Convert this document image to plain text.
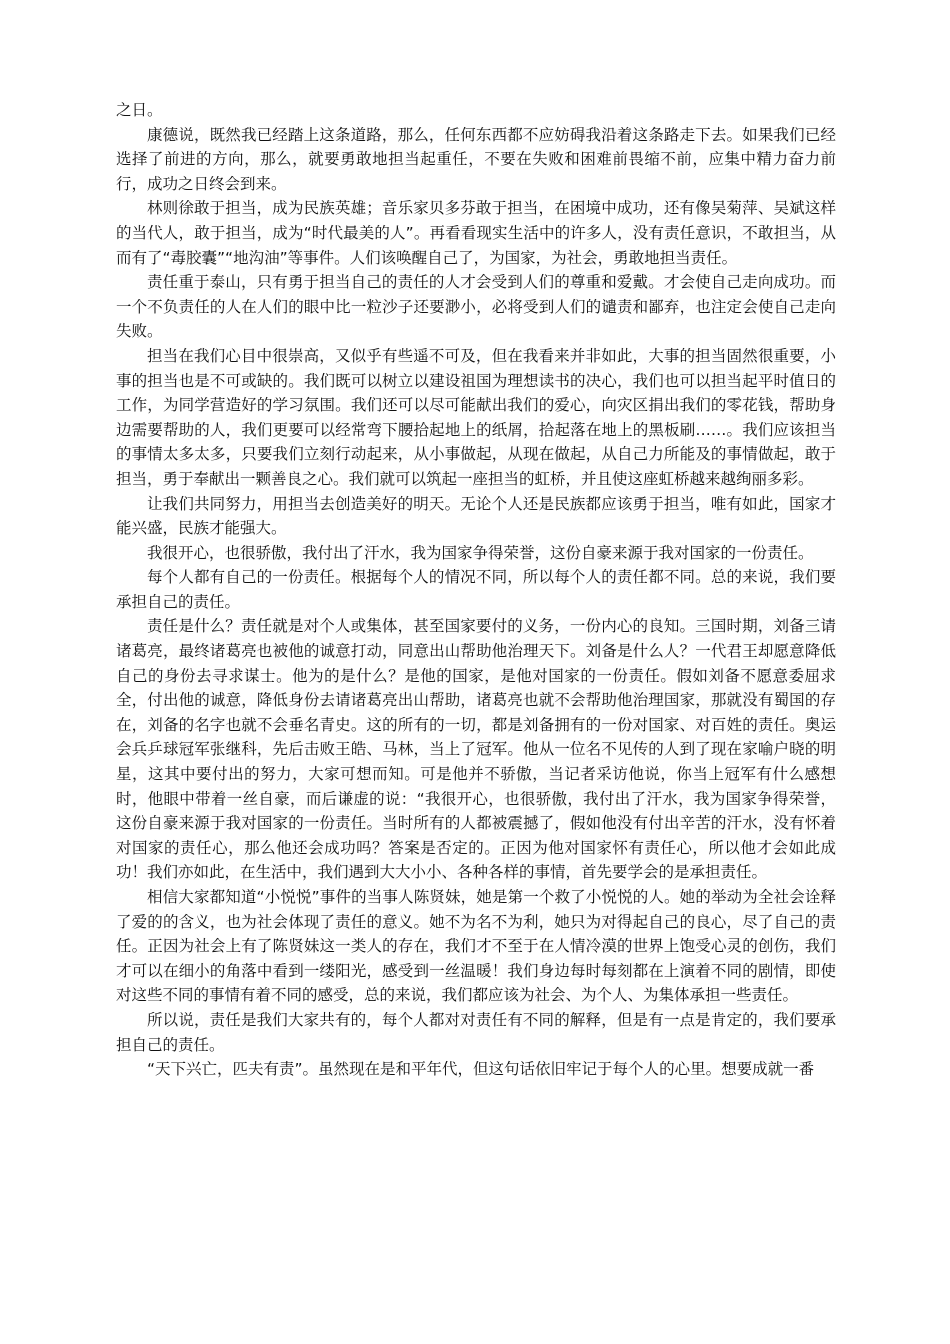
之日。

康德说，既然我已经踏上这条道路，那么，任何东西都不应妨碍我沿着这条路走下去。如果我们已经选择了前进的方向，那么，就要勇敢地担当起重任，不要在失败和困难前畏缩不前，应集中精力奋力前行，成功之日终会到来。

林则徐敢于担当，成为民族英雄；音乐家贝多芬敢于担当，在困境中成功，还有像吴菊萍、吴斌这样的当代人，敢于担当，成为“时代最美的人”。再看看现实生活中的许多人，没有责任意识，不敢担当，从而有了“毒胶囊”“地沟油”等事件。人们该唤醒自己了，为国家，为社会，勇敢地担当责任。

责任重于泰山，只有勇于担当自己的责任的人才会受到人们的尊重和爱戴。才会使自己走向成功。而一个不负责任的人在人们的眼中比一粒沙子还要渺小，必将受到人们的谴责和鄙弃，也注定会使自己走向失败。

担当在我们心目中很崇高，又似乎有些遥不可及，但在我看来并非如此，大事的担当固然很重要，小事的担当也是不可或缺的。我们既可以树立以建设祖国为理想读书的决心，我们也可以担当起平时值日的工作，为同学营造好的学习氛围。我们还可以尽可能献出我们的爱心，向灾区捐出我们的零花钱，帮助身边需要帮助的人，我们更要可以经常弯下腰拾起地上的纸屑，拾起落在地上的黑板刷……。我们应该担当的事情太多太多，只要我们立刻行动起来，从小事做起，从现在做起，从自己力所能及的事情做起，敢于担当，勇于奉献出一颗善良之心。我们就可以筑起一座担当的虹桥，并且使这座虹桥越来越绚丽多彩。

让我们共同努力，用担当去创造美好的明天。无论个人还是民族都应该勇于担当，唯有如此，国家才能兴盛，民族才能强大。

我很开心，也很骄傲，我付出了汗水，我为国家争得荣誉，这份自豪来源于我对国家的一份责任。

每个人都有自己的一份责任。根据每个人的情况不同，所以每个人的责任都不同。总的来说，我们要承担自己的责任。

责任是什么？责任就是对个人或集体，甚至国家要付的义务，一份内心的良知。三国时期，刘备三请诸葛亮，最终诸葛亮也被他的诚意打动，同意出山帮助他治理天下。刘备是什么人？一代君王却愿意降低自己的身份去寻求谋士。他为的是什么？是他的国家，是他对国家的一份责任。假如刘备不愿意委屈求全，付出他的诚意，降低身份去请诸葛亮出山帮助，诸葛亮也就不会帮助他治理国家，那就没有蜀国的存在，刘备的名字也就不会垂名青史。这的所有的一切，都是刘备拥有的一份对国家、对百姓的责任。奥运会兵乒球冠军张继科，先后击败王皓、马林，当上了冠军。他从一位名不见传的人到了现在家喻户晓的明星，这其中要付出的努力，大家可想而知。可是他并不骄傲，当记者采访他说，你当上冠军有什么感想时，他眼中带着一丝自豪，而后谦虚的说：“我很开心，也很骄傲，我付出了汗水，我为国家争得荣誉，这份自豪来源于我对国家的一份责任。当时所有的人都被震撼了，假如他没有付出辛苦的汗水，没有怀着对国家的责任心，那么他还会成功吗？答案是否定的。正因为他对国家怀有责任心，所以他才会如此成功！我们亦如此，在生活中，我们遇到大大小小、各种各样的事情，首先要学会的是承担责任。

相信大家都知道“小悦悦”事件的当事人陈贤妹，她是第一个救了小悦悦的人。她的举动为全社会诠释了爱的的含义，也为社会体现了责任的意义。她不为名不为利，她只为对得起自己的良心，尽了自己的责任。正因为社会上有了陈贤妹这一类人的存在，我们才不至于在人情冷漠的世界上饱受心灵的创伤，我们才可以在细小的角落中看到一缕阳光，感受到一丝温暖！我们身边每时每刻都在上演着不同的剧情，即使对这些不同的事情有着不同的感受，总的来说，我们都应该为社会、为个人、为集体承担一些责任。

所以说，责任是我们大家共有的，每个人都对对责任有不同的解释，但是有一点是肯定的，我们要承担自己的责任。

“天下兴亡，匹夫有责”。虽然现在是和平年代，但这句话依旧牢记于每个人的心里。想要成就一番
